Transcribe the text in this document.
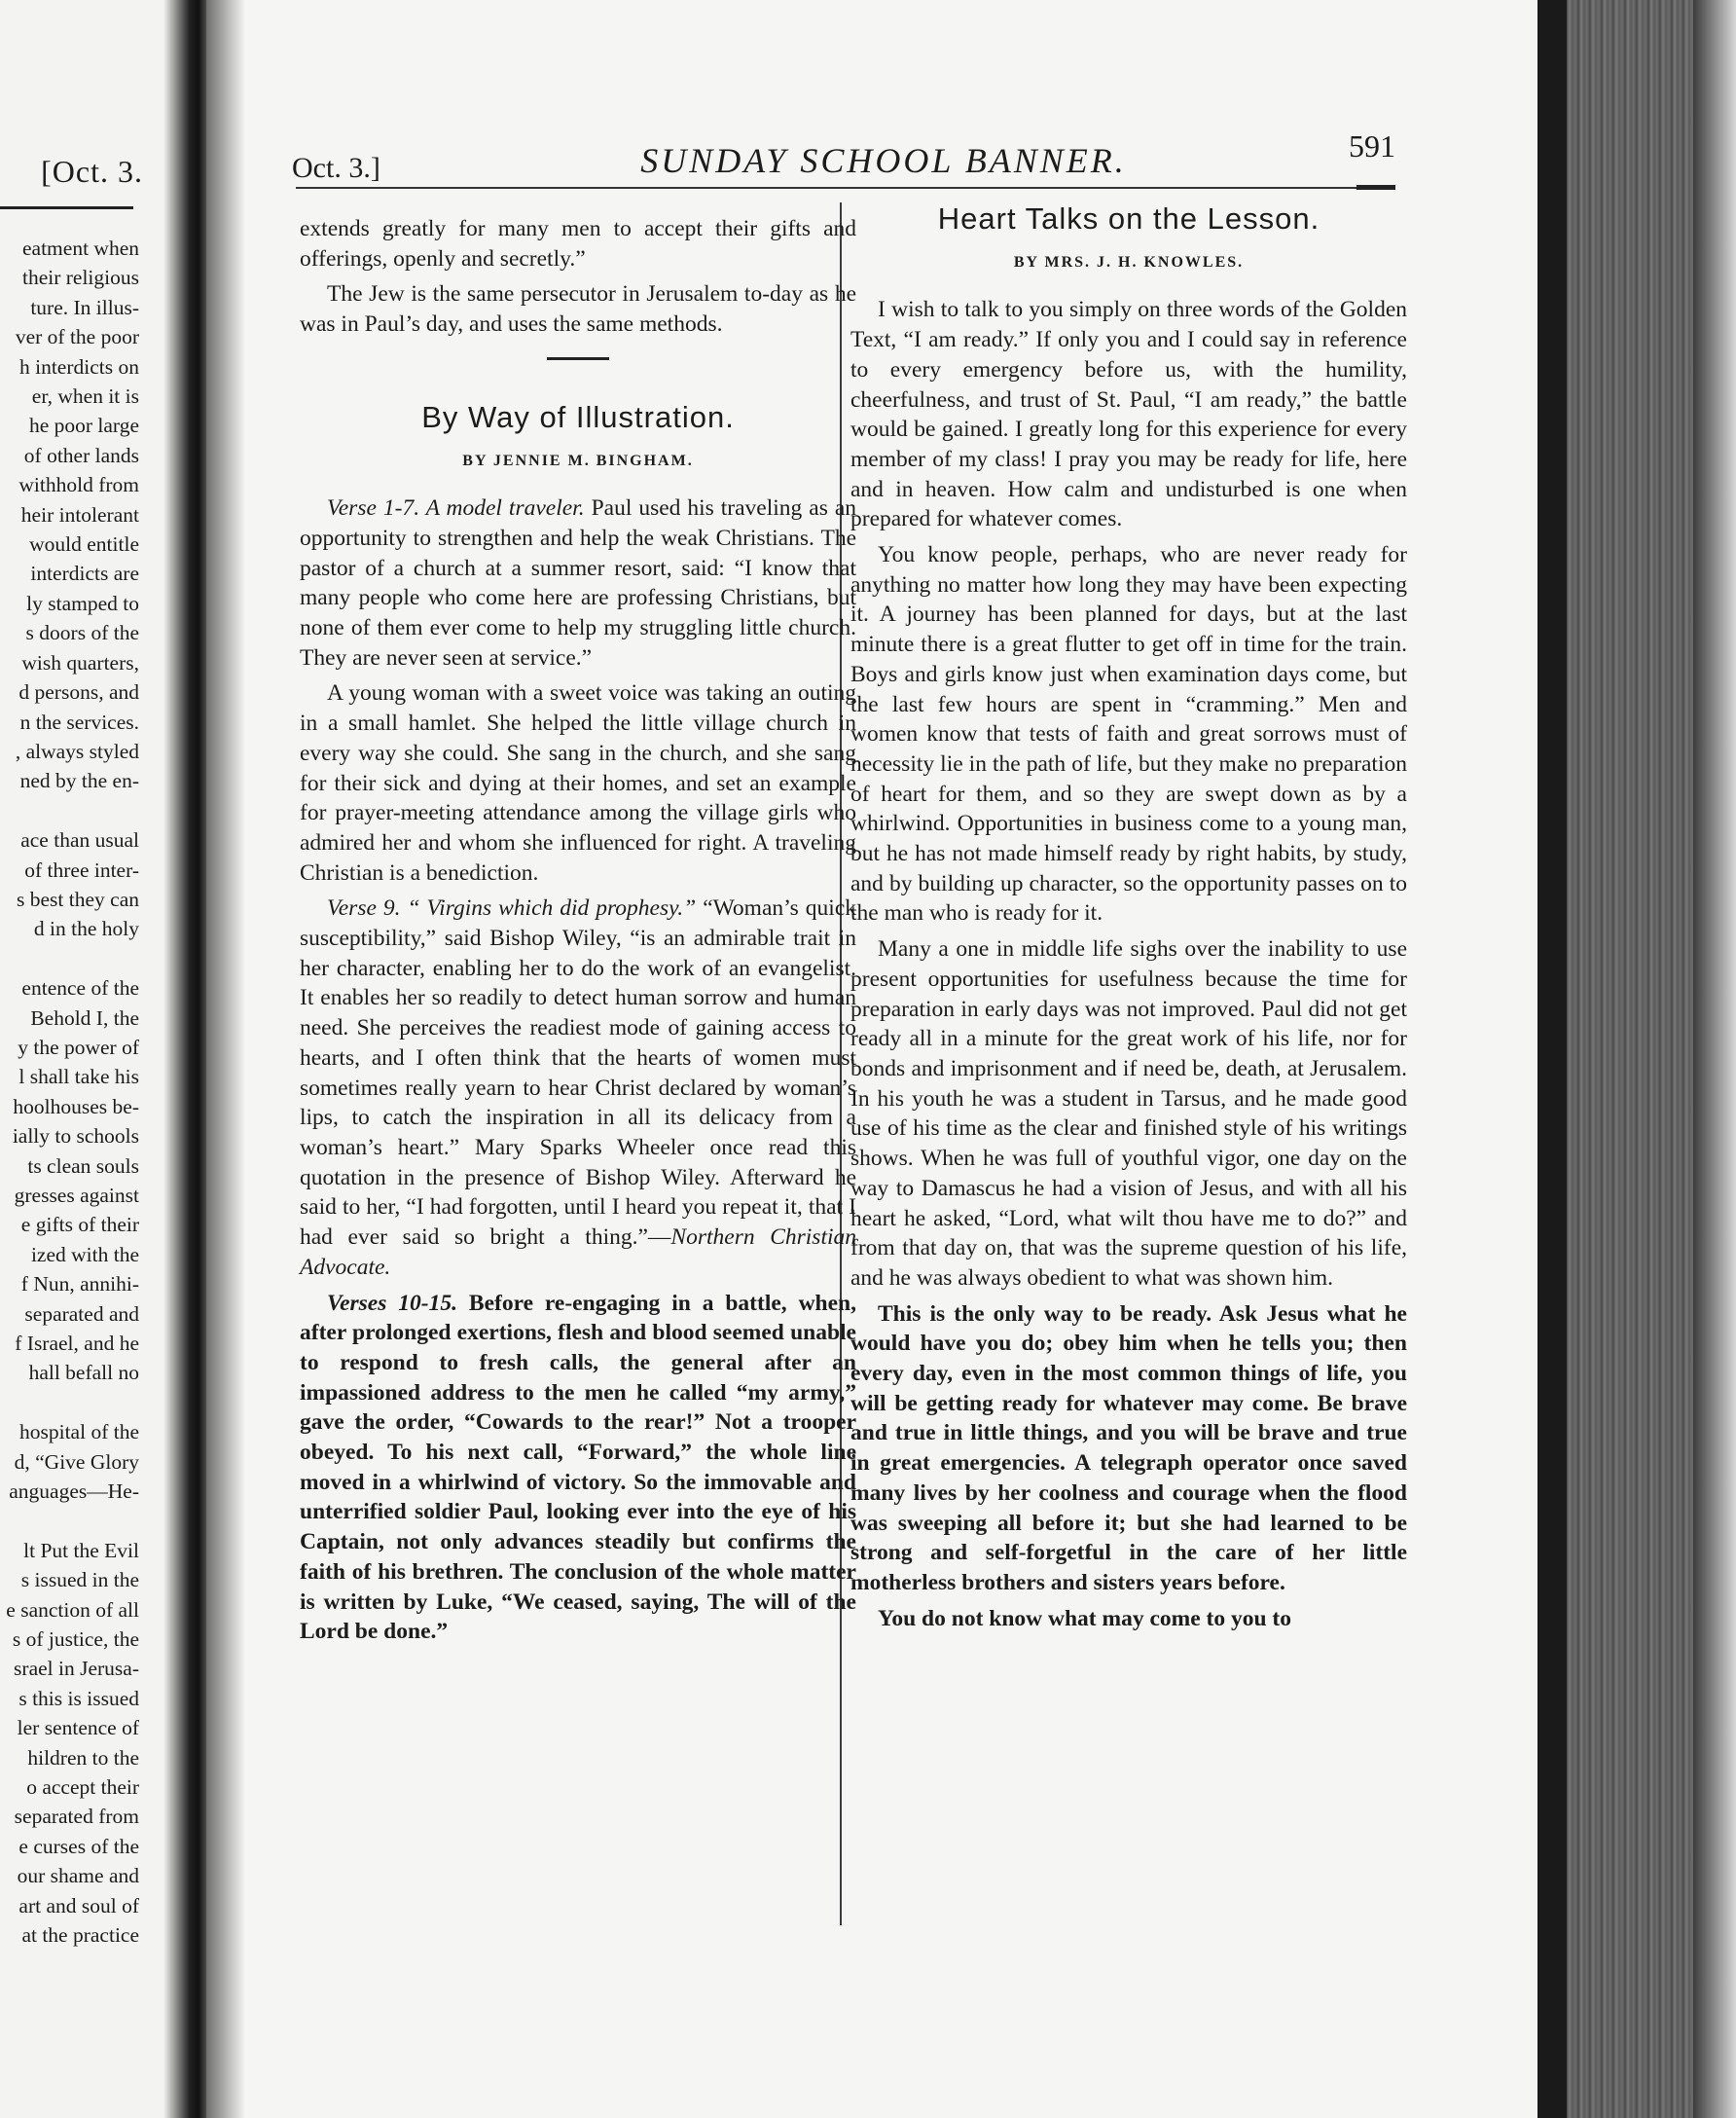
[Oct. 3.
eatment when
their religious
ture. In illus-
ver of the poor
h interdicts on
er, when it is
he poor large
of other lands
withhold from
heir intolerant
would entitle
interdicts are
ly stamped to
s doors of the
wish quarters,
d persons, and
n the services.
, always styled
ned by the en-
ace than usual
of three inter-
s best they can
d in the holy
entence of the
Behold I, the
y the power of
l shall take his
hoolhouses be-
ially to schools
ts clean souls
gresses against
e gifts of their
ized with the
f Nun, annihi-
separated and
f Israel, and he
hall befall no
hospital of the
d, “Give Glory
anguages—He-
lt Put the Evil
s issued in the
e sanction of all
s of justice, the
srael in Jerusa-
s this is issued
ler sentence of
hildren to the
o accept their
separated from
e curses of the
our shame and
art and soul of
at the practice
Oct. 3.]	SUNDAY SCHOOL BANNER.	591

extends greatly for many men to accept their gifts and offerings, openly and secretly.”

The Jew is the same persecutor in Jerusalem to-day as he was in Paul’s day, and uses the same methods.

By Way of Illustration.
BY JENNIE M. BINGHAM.

Verse 1-7. A model traveler. Paul used his traveling as an opportunity to strengthen and help the weak Christians. The pastor of a church at a summer resort, said: “I know that many people who come here are professing Christians, but none of them ever come to help my struggling little church. They are never seen at service.”

A young woman with a sweet voice was taking an outing in a small hamlet. She helped the little village church in every way she could. She sang in the church, and she sang for their sick and dying at their homes, and set an example for prayer-meeting attendance among the village girls who admired her and whom she influenced for right. A traveling Christian is a benediction.

Verse 9. “ Virgins which did prophesy.” “Woman’s quick susceptibility,” said Bishop Wiley, “is an admirable trait in her character, enabling her to do the work of an evangelist. It enables her so readily to detect human sorrow and human need. She perceives the readiest mode of gaining access to hearts, and I often think that the hearts of women must sometimes really yearn to hear Christ declared by woman’s lips, to catch the inspiration in all its delicacy from a woman’s heart.” Mary Sparks Wheeler once read this quotation in the presence of Bishop Wiley. Afterward he said to her, “I had forgotten, until I heard you repeat it, that I had ever said so bright a thing.”—Northern Christian Advocate.

Verses 10-15. Before re-engaging in a battle, when, after prolonged exertions, flesh and blood seemed unable to respond to fresh calls, the general after an impassioned address to the men he called “my army,” gave the order, “Cowards to the rear!” Not a trooper obeyed. To his next call, “Forward,” the whole line moved in a whirlwind of victory. So the immovable and unterrified soldier Paul, looking ever into the eye of his Captain, not only advances steadily but confirms the faith of his brethren. The conclusion of the whole matter is written by Luke, “We ceased, saying, The will of the Lord be done.”

Heart Talks on the Lesson.
BY MRS. J. H. KNOWLES.

I wish to talk to you simply on three words of the Golden Text, “I am ready.” If only you and I could say in reference to every emergency before us, with the humility, cheerfulness, and trust of St. Paul, “I am ready,” the battle would be gained. I greatly long for this experience for every member of my class! I pray you may be ready for life, here and in heaven. How calm and undisturbed is one when prepared for whatever comes.

You know people, perhaps, who are never ready for anything no matter how long they may have been expecting it. A journey has been planned for days, but at the last minute there is a great flutter to get off in time for the train. Boys and girls know just when examination days come, but the last few hours are spent in “cramming.” Men and women know that tests of faith and great sorrows must of necessity lie in the path of life, but they make no preparation of heart for them, and so they are swept down as by a whirlwind. Opportunities in business come to a young man, but he has not made himself ready by right habits, by study, and by building up character, so the opportunity passes on to the man who is ready for it.

Many a one in middle life sighs over the inability to use present opportunities for usefulness because the time for preparation in early days was not improved. Paul did not get ready all in a minute for the great work of his life, nor for bonds and imprisonment and if need be, death, at Jerusalem. In his youth he was a student in Tarsus, and he made good use of his time as the clear and finished style of his writings shows. When he was full of youthful vigor, one day on the way to Damascus he had a vision of Jesus, and with all his heart he asked, “Lord, what wilt thou have me to do?” and from that day on, that was the supreme question of his life, and he was always obedient to what was shown him.

This is the only way to be ready. Ask Jesus what he would have you do; obey him when he tells you; then every day, even in the most common things of life, you will be getting ready for whatever may come. Be brave and true in little things, and you will be brave and true in great emergencies. A telegraph operator once saved many lives by her coolness and courage when the flood was sweeping all before it; but she had learned to be strong and self-forgetful in the care of her little motherless brothers and sisters years before.

You do not know what may come to you to
